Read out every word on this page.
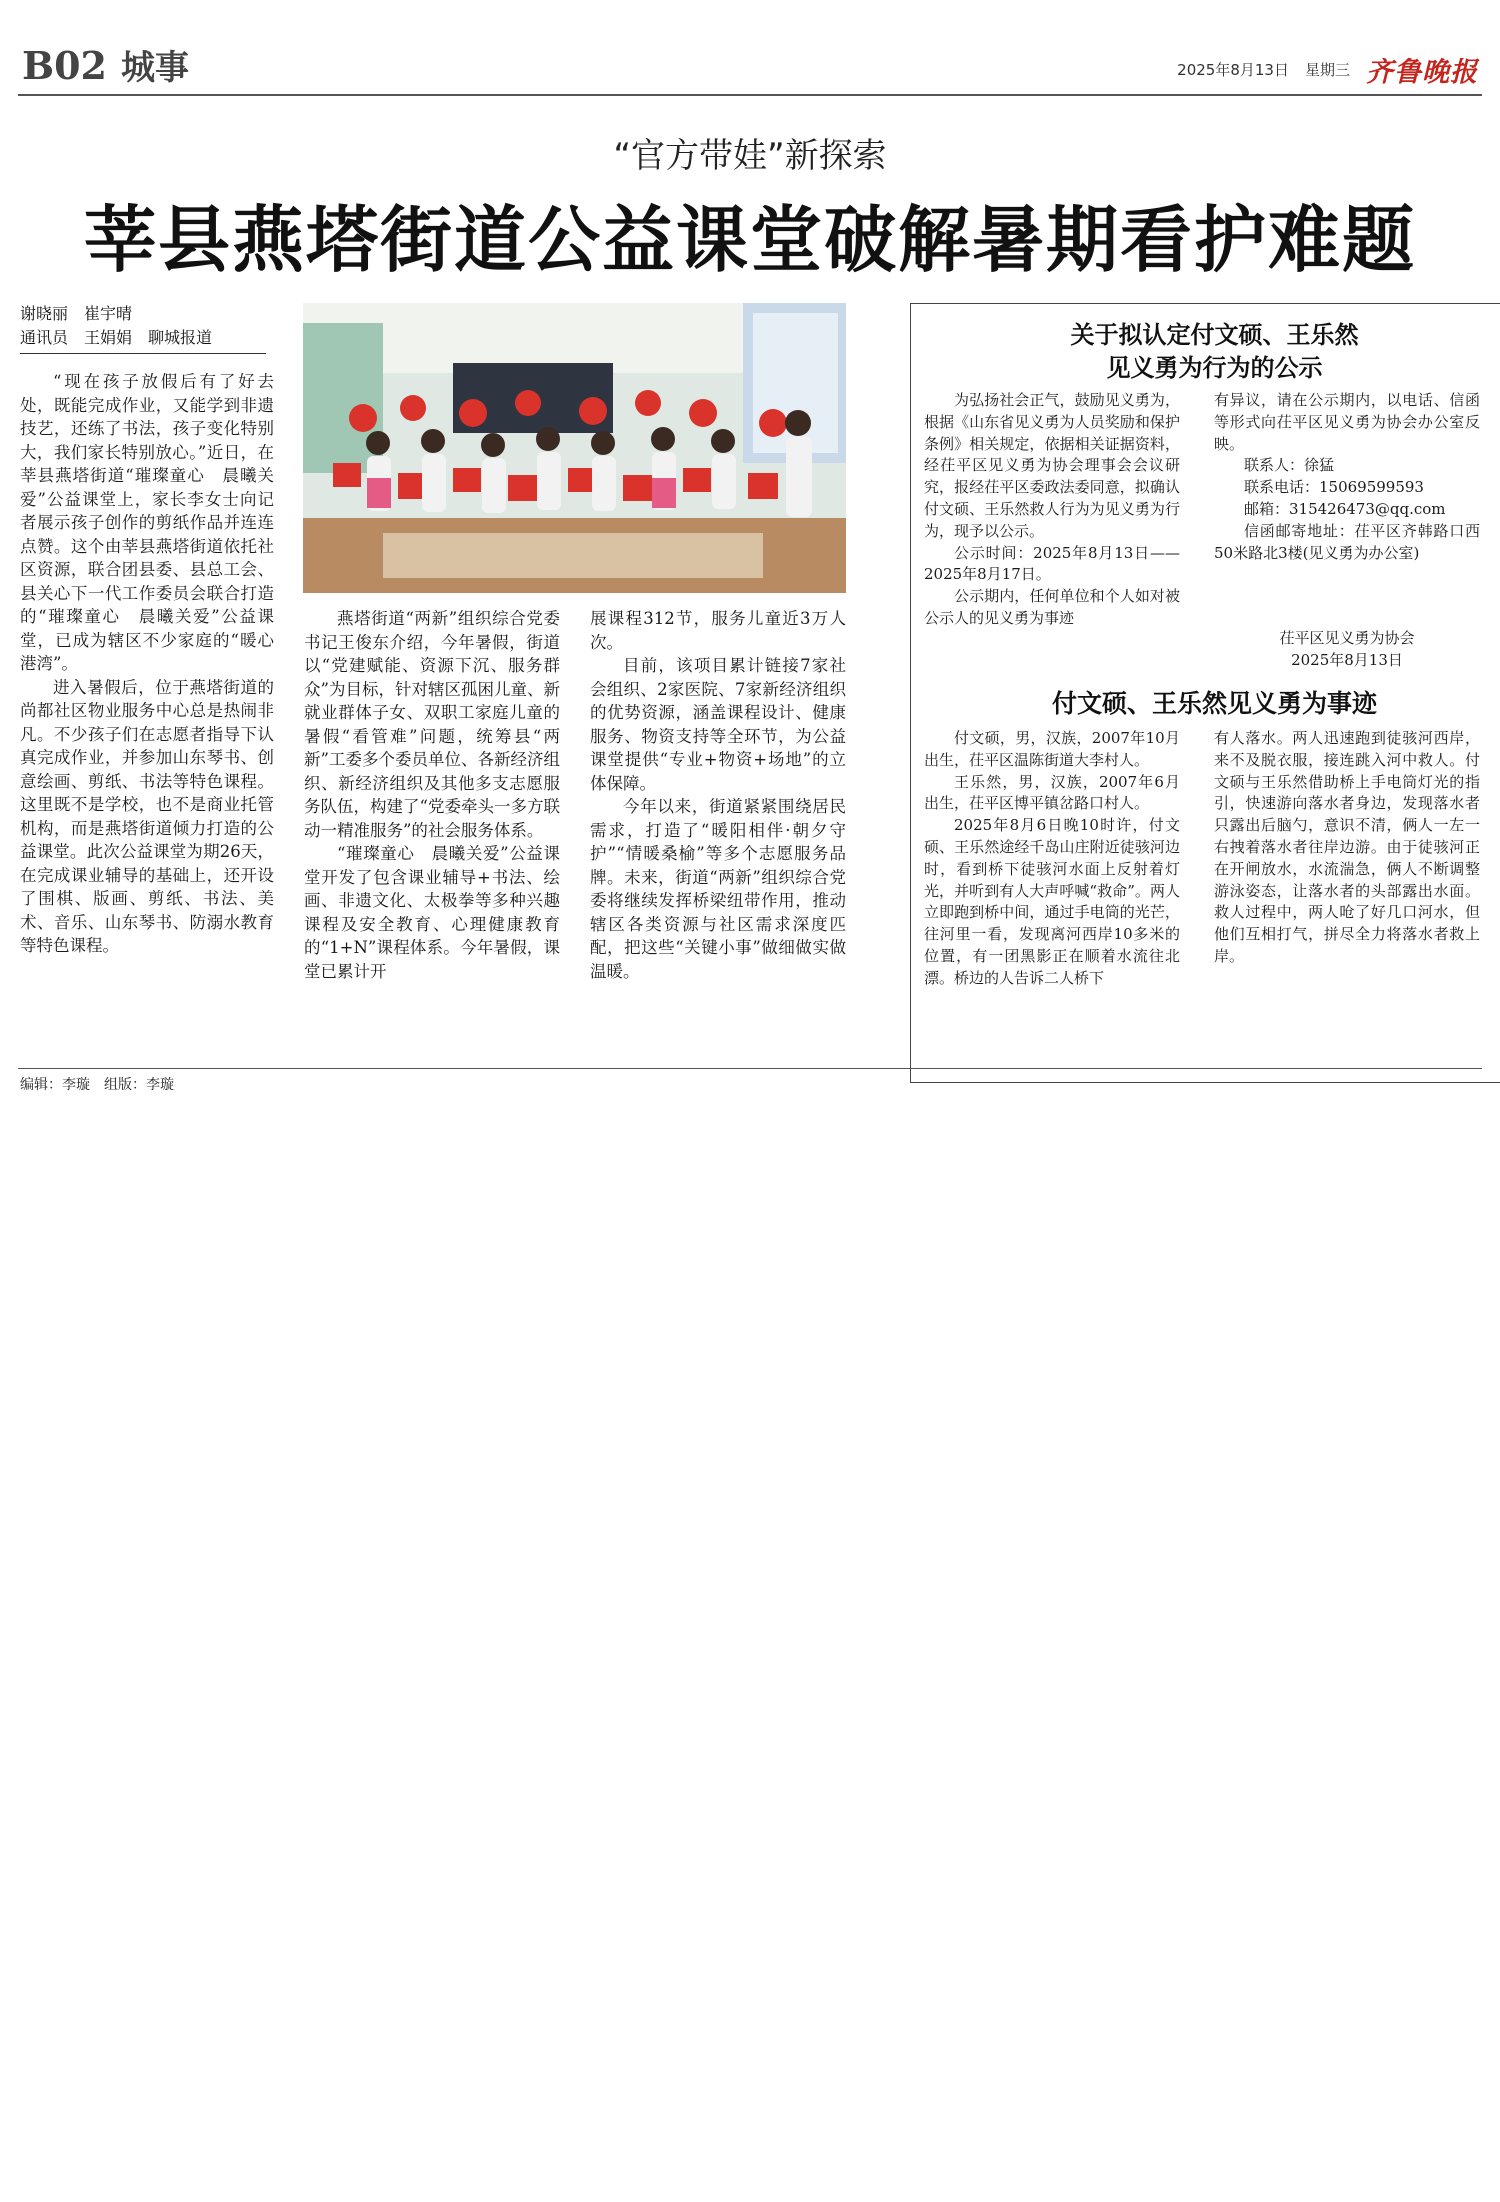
B02 城事	2025年8月13日 星期三 齐鲁晚报
“官方带娃”新探索
莘县燕塔街道公益课堂破解暑期看护难题
谢晓丽　崔宇晴
通讯员　王娟娟　聊城报道

“现在孩子放假后有了好去处，既能完成作业，又能学到非遗技艺，还练了书法，孩子变化特别大，我们家长特别放心。”近日，在莘县燕塔街道“璀璨童心　晨曦关爱”公益课堂上，家长李女士向记者展示孩子创作的剪纸作品并连连点赞。这个由莘县燕塔街道依托社区资源，联合团县委、县总工会、县关心下一代工作委员会联合打造的“璀璨童心　晨曦关爱”公益课堂，已成为辖区不少家庭的“暖心港湾”。

进入暑假后，位于燕塔街道的尚都社区物业服务中心总是热闹非凡。不少孩子们在志愿者指导下认真完成作业，并参加山东琴书、创意绘画、剪纸、书法等特色课程。这里既不是学校，也不是商业托管机构，而是燕塔街道倾力打造的公益课堂。此次公益课堂为期26天，在完成课业辅导的基础上，还开设了围棋、版画、剪纸、书法、美术、音乐、山东琴书、防溺水教育等特色课程。

燕塔街道“两新”组织综合党委书记王俊东介绍，今年暑假，街道以“党建赋能、资源下沉、服务群众”为目标，针对辖区孤困儿童、新就业群体子女、双职工家庭儿童的暑假“看管难”问题，统筹县“两新”工委多个委员单位、各新经济组织、新经济组织及其他多支志愿服务队伍，构建了“党委牵头一多方联动一精准服务”的社会服务体系。

“璀璨童心　晨曦关爱”公益课堂开发了包含课业辅导+书法、绘画、非遗文化、太极拳等多种兴趣课程及安全教育、心理健康教育的“1+N”课程体系。今年暑假，课堂已累计开

展课程312节，服务儿童近3万人次。

目前，该项目累计链接7家社会组织、2家医院、7家新经济组织的优势资源，涵盖课程设计、健康服务、物资支持等全环节，为公益课堂提供“专业+物资+场地”的立体保障。

今年以来，街道紧紧围绕居民需求，打造了“暖阳相伴·朝夕守护”“情暖桑榆”等多个志愿服务品牌。未来，街道“两新”组织综合党委将继续发挥桥梁纽带作用，推动辖区各类资源与社区需求深度匹配，把这些“关键小事”做细做实做温暖。

关于拟认定付文硕、王乐然
见义勇为行为的公示

为弘扬社会正气，鼓励见义勇为，根据《山东省见义勇为人员奖励和保护条例》相关规定，依据相关证据资料，经茌平区见义勇为协会理事会会议研究，报经茌平区委政法委同意，拟确认付文硕、王乐然救人行为为见义勇为行为，现予以公示。

公示时间：2025年8月13日——2025年8月17日。

公示期内，任何单位和个人如对被公示人的见义勇为事迹

有异议，请在公示期内，以电话、信函等形式向茌平区见义勇为协会办公室反映。

联系人：徐猛

联系电话：15069599593

邮箱：315426473@qq.com

信函邮寄地址：茌平区齐韩路口西50米路北3楼(见义勇为办公室)

茌平区见义勇为协会
2025年8月13日
付文硕、王乐然见义勇为事迹

付文硕，男，汉族，2007年10月出生，茌平区温陈街道大李村人。

王乐然，男，汉族，2007年6月出生，茌平区博平镇岔路口村人。

2025年8月6日晚10时许，付文硕、王乐然途经千岛山庄附近徒骇河边时，看到桥下徒骇河水面上反射着灯光，并听到有人大声呼喊“救命”。两人立即跑到桥中间，通过手电筒的光芒，往河里一看，发现离河西岸10多米的位置，有一团黑影正在顺着水流往北漂。桥边的人告诉二人桥下

有人落水。两人迅速跑到徒骇河西岸，来不及脱衣服，接连跳入河中救人。付文硕与王乐然借助桥上手电筒灯光的指引，快速游向落水者身边，发现落水者只露出后脑勺，意识不清，俩人一左一右拽着落水者往岸边游。由于徒骇河正在开闸放水，水流湍急，俩人不断调整游泳姿态，让落水者的头部露出水面。救人过程中，两人呛了好几口河水，但他们互相打气，拼尽全力将落水者救上岸。

编辑：李璇　组版：李璇
